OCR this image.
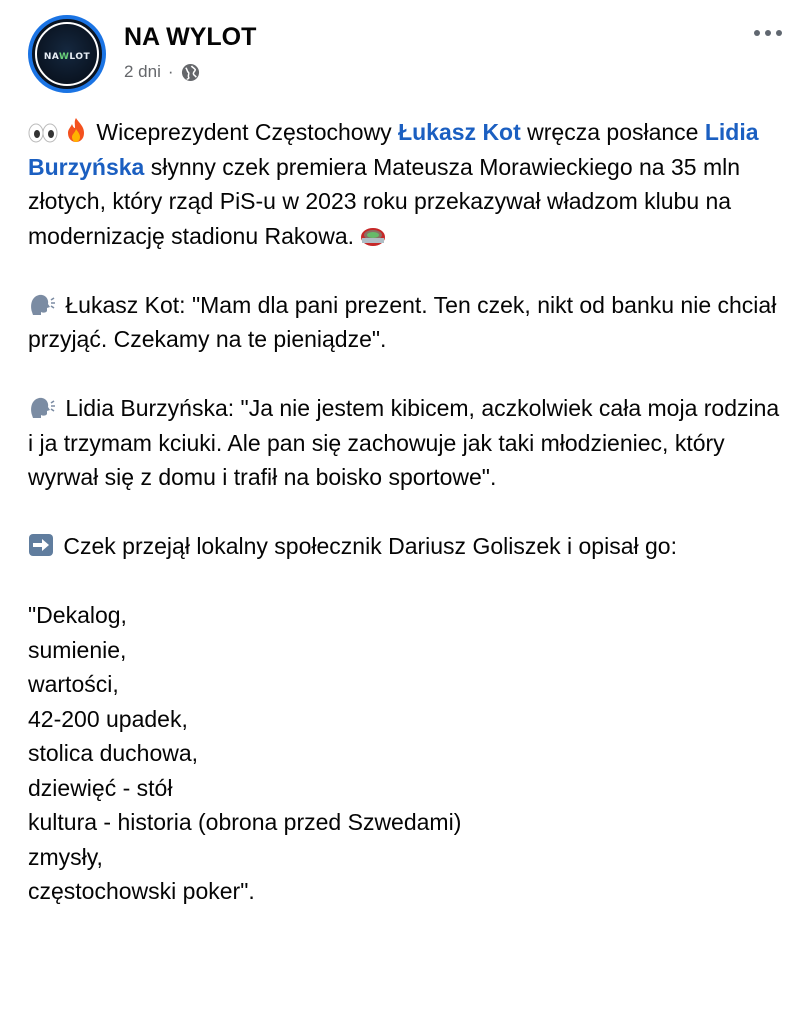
NAWLOT
NA WYLOT
2 dni ·

Wiceprezydent Częstochowy Łukasz Kot wręcza posłance Lidia Burzyńska słynny czek premiera Mateusza Morawieckiego na 35 mln złotych, który rząd PiS-u w 2023 roku przekazywał władzom klubu na modernizację stadionu Rakowa.

Łukasz Kot: "Mam dla pani prezent. Ten czek, nikt od banku nie chciał przyjąć. Czekamy na te pieniądze".

Lidia Burzyńska: "Ja nie jestem kibicem, aczkolwiek cała moja rodzina i ja trzymam kciuki. Ale pan się zachowuje jak taki młodzieniec, który wyrwał się z domu i trafił na boisko sportowe".

Czek przejął lokalny społecznik Dariusz Goliszek i opisał go:

"Dekalog,
sumienie,
wartości,
42-200 upadek,
stolica duchowa,
dziewięć - stół
kultura - historia (obrona przed Szwedami)
zmysły,
częstochowski poker".
